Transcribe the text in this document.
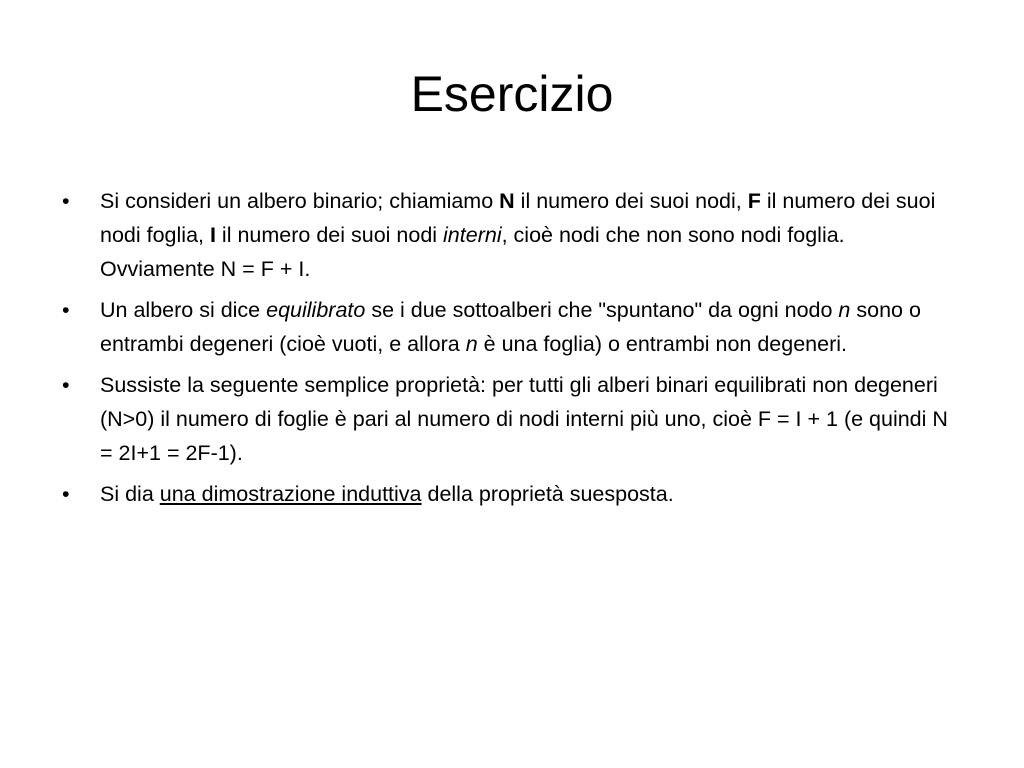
Esercizio
•	Si consideri un albero binario; chiamiamo N il numero dei suoi nodi, F il numero dei suoi nodi foglia, I il numero dei suoi nodi interni, cioè nodi che non sono nodi foglia. Ovviamente N = F + I.
•	Un albero si dice equilibrato se i due sottoalberi che "spuntano" da ogni nodo n sono o entrambi degeneri (cioè vuoti, e allora n è una foglia) o entrambi non degeneri.
•	Sussiste la seguente semplice proprietà: per tutti gli alberi binari equilibrati non degeneri (N>0) il numero di foglie è pari al numero di nodi interni più uno, cioè F = I + 1 (e quindi N = 2I+1 = 2F-1).
•	Si dia una dimostrazione induttiva della proprietà suesposta.
